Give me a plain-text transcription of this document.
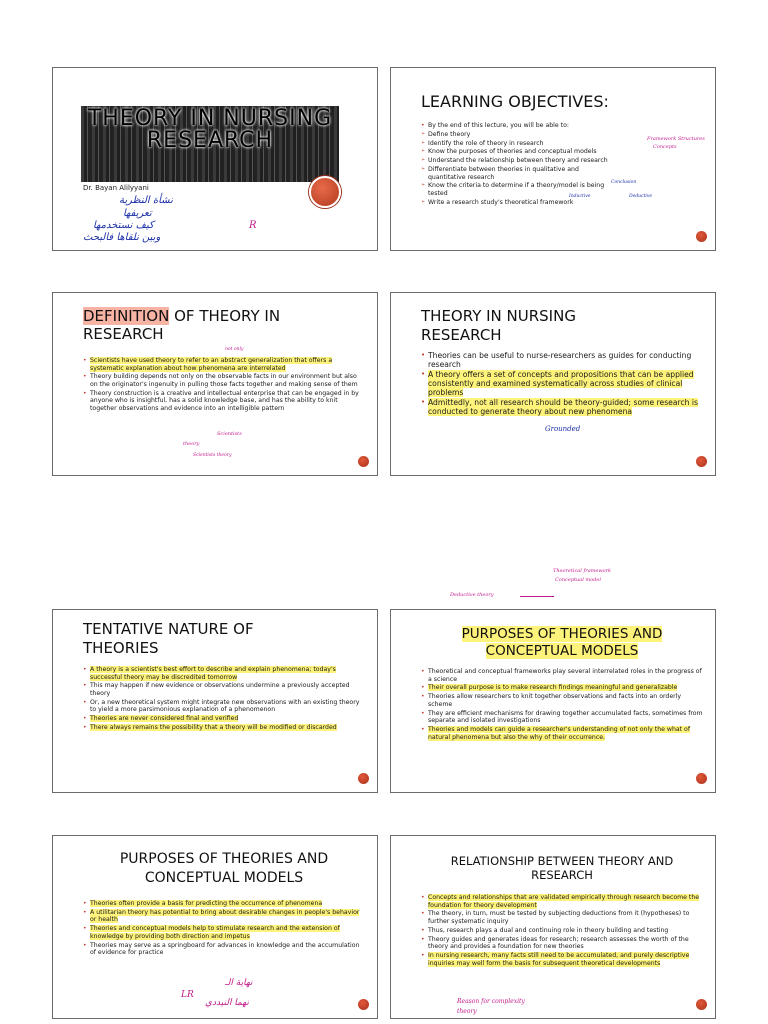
THEORY IN NURSING RESEARCH
Dr. Bayan Alilyyani
نشأة النظرية
تعريفها
كيف نستخدمها
وبين نلقاها فالبحث
R
LEARNING OBJECTIVES:
• By the end of this lecture, you will be able to:
➢ Define theory
➢ Identify the role of theory in research
➢ Know the purposes of theories and conceptual models
➢ Understand the relationship between theory and research
➢ Differentiate between theories in qualitative and quantitative research
➢ Know the criteria to determine if a theory/model is being tested
➢ Write a research study's theoretical framework
Framework Structures
Concepts
Conclusion
Inductive	Deductive
DEFINITION OF THEORY IN RESEARCH
• Scientists have used theory to refer to an abstract generalization that offers a systematic explanation about how phenomena are interrelated
• Theory building depends not only on the observable facts in our environment but also on the originator's ingenuity in pulling those facts together and making sense of them
• Theory construction is a creative and intellectual enterprise that can be engaged in by anyone who is insightful, has a solid knowledge base, and has the ability to knit together observations and evidence into an intelligible pattern
Scientists
theory
not only
Scientists theory
THEORY IN NURSING RESEARCH
• Theories can be useful to nurse-researchers as guides for conducting research
• A theory offers a set of concepts and propositions that can be applied consistently and examined systematically across studies of clinical problems
• Admittedly, not all research should be theory-guided; some research is conducted to generate theory about new phenomena
Grounded
Theoretical framework
Conceptual model
Deductive theory
TENTATIVE NATURE OF THEORIES
• A theory is a scientist's best effort to describe and explain phenomena; today's successful theory may be discredited tomorrow
• This may happen if new evidence or observations undermine a previously accepted theory
• Or, a new theoretical system might integrate new observations with an existing theory to yield a more parsimonious explanation of a phenomenon
• Theories are never considered final and verified
• There always remains the possibility that a theory will be modified or discarded
PURPOSES OF THEORIES AND CONCEPTUAL MODELS
• Theoretical and conceptual frameworks play several interrelated roles in the progress of a science
• Their overall purpose is to make research findings meaningful and generalizable
• Theories allow researchers to knit together observations and facts into an orderly scheme
• They are efficient mechanisms for drawing together accumulated facts, sometimes from separate and isolated investigations
• Theories and models can guide a researcher's understanding of not only the what of natural phenomena but also the why of their occurrence.
PURPOSES OF THEORIES AND CONCEPTUAL MODELS
• Theories often provide a basis for predicting the occurrence of phenomena
• A utilitarian theory has potential to bring about desirable changes in people's behavior or health
• Theories and conceptual models help to stimulate research and the extension of knowledge by providing both direction and impetus
• Theories may serve as a springboard for advances in knowledge and the accumulation of evidence for practice
LR
نهاية الـ
نهما النيددي
RELATIONSHIP BETWEEN THEORY AND RESEARCH
• Concepts and relationships that are validated empirically through research become the foundation for theory development
• The theory, in turn, must be tested by subjecting deductions from it (hypotheses) to further systematic inquiry
• Thus, research plays a dual and continuing role in theory building and testing
• Theory guides and generates ideas for research; research assesses the worth of the theory and provides a foundation for new theories
• In nursing research, many facts still need to be accumulated, and purely descriptive inquiries may well form the basis for subsequent theoretical developments
Reason for complexity
theory
